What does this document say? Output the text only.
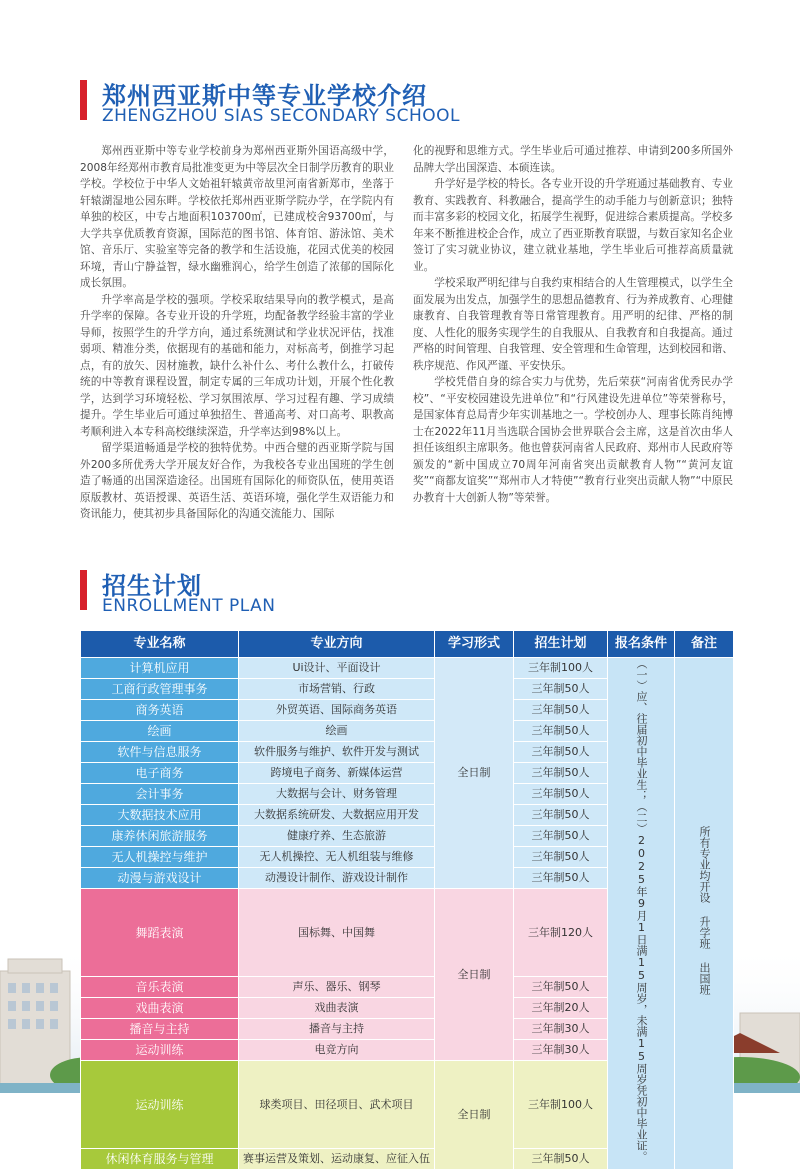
郑州西亚斯中等专业学校介绍
ZHENGZHOU SIAS SECONDARY SCHOOL

郑州西亚斯中等专业学校前身为郑州西亚斯外国语高级中学，2008年经郑州市教育局批准变更为中等层次全日制学历教育的职业学校。学校位于中华人文始祖轩辕黄帝故里河南省新郑市，坐落于轩辕湖湿地公园东畔。学校依托郑州西亚斯学院办学，在学院内有单独的校区，中专占地面积103700㎡，已建成校舍93700㎡，与大学共享优质教育资源，国际范的图书馆、体育馆、游泳馆、美术馆、音乐厅、实验室等完备的教学和生活设施，花园式优美的校园环境，青山宁静益智，绿水幽雅润心，给学生创造了浓郁的国际化成长氛围。

升学率高是学校的强项。学校采取结果导向的教学模式，是高升学率的保障。各专业开设的升学班，均配备教学经验丰富的学业导师，按照学生的升学方向，通过系统测试和学业状况评估，找准弱项、精准分类，依据现有的基础和能力，对标高考，倒推学习起点，有的放矢、因材施教，缺什么补什么、考什么教什么，打破传统的中等教育课程设置，制定专属的三年成功计划，开展个性化教学，达到学习环境轻松、学习氛围浓厚、学习过程有趣、学习成绩提升。学生毕业后可通过单独招生、普通高考、对口高考、职教高考顺利进入本专科高校继续深造，升学率达到98%以上。

留学渠道畅通是学校的独特优势。中西合璧的西亚斯学院与国外200多所优秀大学开展友好合作，为我校各专业出国班的学生创造了畅通的出国深造途径。出国班有国际化的师资队伍，使用英语原版教材、英语授课、英语生活、英语环境，强化学生双语能力和资讯能力，使其初步具备国际化的沟通交流能力、国际

化的视野和思维方式。学生毕业后可通过推荐、申请到200多所国外品牌大学出国深造、本硕连读。

升学好是学校的特长。各专业开设的升学班通过基础教育、专业教育、实践教育、科教融合，提高学生的动手能力与创新意识；独特而丰富多彩的校园文化，拓展学生视野，促进综合素质提高。学校多年来不断推进校企合作，成立了西亚斯教育联盟，与数百家知名企业签订了实习就业协议，建立就业基地，学生毕业后可推荐高质量就业。

学校采取严明纪律与自我约束相结合的人生管理模式，以学生全面发展为出发点，加强学生的思想品德教育、行为养成教育、心理健康教育、自我管理教育等日常管理教育。用严明的纪律、严格的制度、人性化的服务实现学生的自我服从、自我教育和自我提高。通过严格的时间管理、自我管理、安全管理和生命管理，达到校园和谐、秩序规范、作风严谨、平安快乐。

学校凭借自身的综合实力与优势，先后荣获“河南省优秀民办学校”、“平安校园建设先进单位”和“行风建设先进单位”等荣誉称号，是国家体育总局青少年实训基地之一。学校创办人、理事长陈肖纯博士在2022年11月当选联合国协会世界联合会主席，这是首次由华人担任该组织主席职务。他也曾获河南省人民政府、郑州市人民政府等颁发的“新中国成立70周年河南省突出贡献教育人物”“黄河友谊奖”“商都友谊奖”“郑州市人才特使”“教育行业突出贡献人物”“中原民办教育十大创新人物”等荣誉。

招生计划
ENROLLMENT PLAN
专业名称	专业方向	学习形式	招生计划	报名条件	备注
计算机应用	Ui设计、平面设计	全日制	三年制100人	（一）应、往届初中毕业生；（二）2025年9月1日满15周岁，未满15周岁凭初中毕业证。	所有专业均开设 升学班 出国班
工商行政管理事务	市场营销、行政		三年制50人		
商务英语	外贸英语、国际商务英语		三年制50人		
绘画	绘画		三年制50人		
软件与信息服务	软件服务与维护、软件开发与测试		三年制50人		
电子商务	跨境电子商务、新媒体运营		三年制50人		
会计事务	大数据与会计、财务管理		三年制50人		
大数据技术应用	大数据系统研发、大数据应用开发		三年制50人		
康养休闲旅游服务	健康疗养、生态旅游		三年制50人		
无人机操控与维护	无人机操控、无人机组装与维修		三年制50人		
动漫与游戏设计	动漫设计制作、游戏设计制作		三年制50人		
舞蹈表演	国标舞、中国舞	全日制	三年制120人		
音乐表演	声乐、器乐、钢琴		三年制50人		
戏曲表演	戏曲表演		三年制20人		
播音与主持	播音与主持		三年制30人		
运动训练	电竞方向		三年制30人		
运动训练	球类项目、田径项目、武术项目	全日制	三年制100人		
休闲体育服务与管理	赛事运营及策划、运动康复、应征入伍		三年制50人		
